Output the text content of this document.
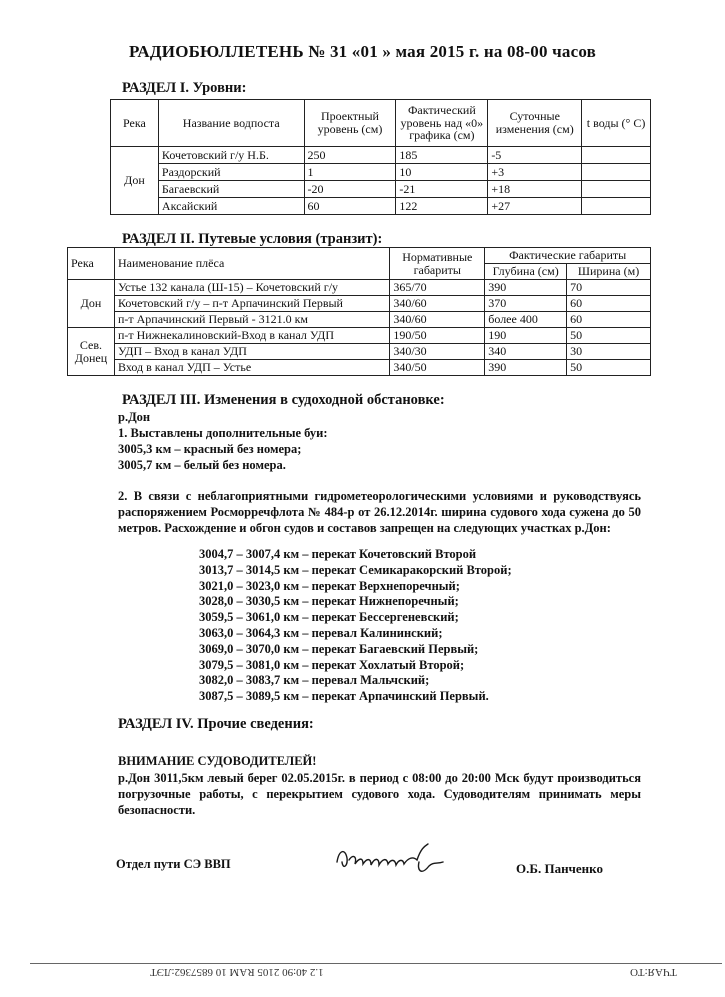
РАДИОБЮЛЛЕТЕНЬ № 31 «01 » мая 2015 г. на 08-00 часов
РАЗДЕЛ I. Уровни:
Река	Название водпоста	Проектный уровень (см)	Фактический уровень над «0» графика (см)	Суточные изменения (см)	t воды (° C)
Дон	Кочетовский г/у Н.Б.	250	185	-5	
	Раздорский	1	10	+3	
	Багаевский	-20	-21	+18	
	Аксайский	60	122	+27	
РАЗДЕЛ II. Путевые условия (транзит):
Река	Наименование плёса	Нормативные габариты	Фактические габариты	
			Глубина (см)	Ширина (м)
Дон	Устье 132 канала (Ш-15) – Кочетовский г/у	365/70	390	70
	Кочетовский г/у – п-т Арпачинский Первый	340/60	370	60
	п-т Арпачинский Первый - 3121.0 км	340/60	более 400	60
Сев. Донец	п-т Нижнекалиновский-Вход в канал УДП	190/50	190	50
	УДП – Вход в канал УДП	340/30	340	30
	Вход в канал УДП – Устье	340/50	390	50
РАЗДЕЛ III. Изменения в судоходной обстановке:
р.Дон
1. Выставлены дополнительные буи:
3005,3 км – красный без номера;
3005,7 км – белый без номера.
2. В связи с неблагоприятными гидрометеорологическими условиями и руководствуясь распоряжением Росморречфлота № 484-р от 26.12.2014г. ширина судового хода сужена до 50 метров. Расхождение и обгон судов и составов запрещен на следующих участках р.Дон:
3004,7 – 3007,4 км – перекат Кочетовский Второй
3013,7 – 3014,5 км – перекат Семикаракорский Второй;
3021,0 – 3023,0 км – перекат Верхнепоречный;
3028,0 – 3030,5 км – перекат Нижнепоречный;
3059,5 – 3061,0 км – перекат Бессергеневский;
3063,0 – 3064,3 км – перевал Калининский;
3069,0 – 3070,0 км – перекат Багаевский Первый;
3079,5 – 3081,0 км – перекат Хохлатый Второй;
3082,0 – 3083,7 км – перевал Мальчский;
3087,5 – 3089,5 км – перекат Арпачинский Первый.
РАЗДЕЛ IV. Прочие сведения:
ВНИМАНИЕ СУДОВОДИТЕЛЕЙ!
р.Дон 3011,5км левый берег 02.05.2015г. в период с 08:00 до 20:00 Мск будут производиться погрузочные работы, с перекрытием судового хода. Судоводителям принимать меры безопасности.
Отдел пути СЭ ВВП	О.Б. Панченко
1.2 40:90 2105 RAM 10 6857362:ЛЭТ	ТЧАЯ:ТО
